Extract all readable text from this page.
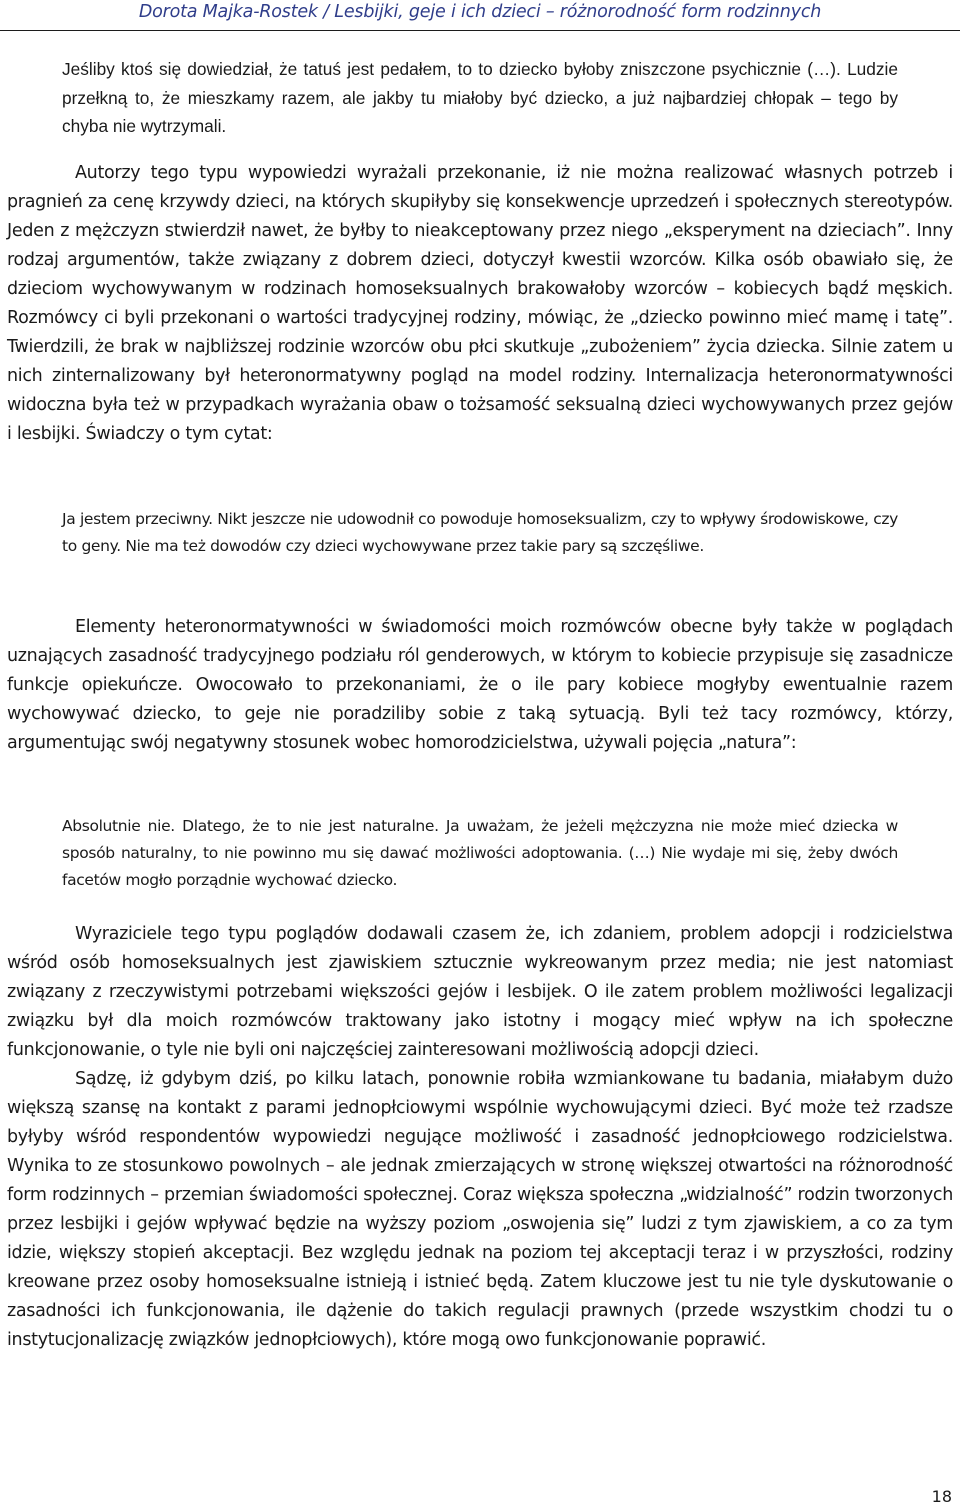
Dorota Majka-Rostek / Lesbijki, geje i ich dzieci – różnorodność form rodzinnych

Jeśliby ktoś się dowiedział, że tatuś jest pedałem, to to dziecko byłoby zniszczone psychicznie (…). Ludzie przełkną to, że mieszkamy razem, ale jakby tu miałoby być dziecko, a już najbardziej chłopak – tego by chyba nie wytrzymali.

Autorzy tego typu wypowiedzi wyrażali przekonanie, iż nie można realizować własnych potrzeb i pragnień za cenę krzywdy dzieci, na których skupiłyby się konsekwencje uprzedzeń i społecznych stereotypów. Jeden z mężczyzn stwierdził nawet, że byłby to nieakceptowany przez niego „eksperyment na dzieciach”. Inny rodzaj argumentów, także związany z dobrem dzieci, dotyczył kwestii wzorców. Kilka osób obawiało się, że dzieciom wychowywanym w rodzinach homoseksualnych brakowałoby wzorców – kobiecych bądź męskich. Rozmówcy ci byli przekonani o wartości tradycyjnej rodziny, mówiąc, że „dziecko powinno mieć mamę i tatę”. Twierdzili, że brak w najbliższej rodzinie wzorców obu płci skutkuje „zubożeniem” życia dziecka. Silnie zatem u nich zinternalizowany był heteronormatywny pogląd na model rodziny. Internalizacja heteronormatywności widoczna była też w przypadkach wyrażania obaw o tożsamość seksualną dzieci wychowywanych przez gejów i lesbijki. Świadczy o tym cytat:

Ja jestem przeciwny. Nikt jeszcze nie udowodnił co powoduje homoseksualizm, czy to wpływy środowiskowe, czy to geny. Nie ma też dowodów czy dzieci wychowywane przez takie pary są szczęśliwe.

Elementy heteronormatywności w świadomości moich rozmówców obecne były także w poglądach uznających zasadność tradycyjnego podziału ról genderowych, w którym to kobiecie przypisuje się zasadnicze funkcje opiekuńcze. Owocowało to przekonaniami, że o ile pary kobiece mogłyby ewentualnie razem wychowywać dziecko, to geje nie poradziliby sobie z taką sytuacją. Byli też tacy rozmówcy, którzy, argumentując swój negatywny stosunek wobec homorodzicielstwa, używali pojęcia „natura”:

Absolutnie nie. Dlatego, że to nie jest naturalne. Ja uważam, że jeżeli mężczyzna nie może mieć dziecka w sposób naturalny, to nie powinno mu się dawać możliwości adoptowania. (…) Nie wydaje mi się, żeby dwóch facetów mogło porządnie wychować dziecko.

Wyraziciele tego typu poglądów dodawali czasem że, ich zdaniem, problem adopcji i rodzicielstwa wśród osób homoseksualnych jest zjawiskiem sztucznie wykreowanym przez media; nie jest natomiast związany z rzeczywistymi potrzebami większości gejów i lesbijek. O ile zatem problem możliwości legalizacji związku był dla moich rozmówców traktowany jako istotny i mogący mieć wpływ na ich społeczne funkcjonowanie, o tyle nie byli oni najczęściej zainteresowani możliwością adopcji dzieci.

Sądzę, iż gdybym dziś, po kilku latach, ponownie robiła wzmiankowane tu badania, miałabym dużo większą szansę na kontakt z parami jednopłciowymi wspólnie wychowującymi dzieci. Być może też rzadsze byłyby wśród respondentów wypowiedzi negujące możliwość i zasadność jednopłciowego rodzicielstwa. Wynika to ze stosunkowo powolnych – ale jednak zmierzających w stronę większej otwartości na różnorodność form rodzinnych – przemian świadomości społecznej. Coraz większa społeczna „widzialność” rodzin tworzonych przez lesbijki i gejów wpływać będzie na wyższy poziom „oswojenia się” ludzi z tym zjawiskiem, a co za tym idzie, większy stopień akceptacji. Bez względu jednak na poziom tej akceptacji teraz i w przyszłości, rodziny kreowane przez osoby homoseksualne istnieją i istnieć będą. Zatem kluczowe jest tu nie tyle dyskutowanie o zasadności ich funkcjonowania, ile dążenie do takich regulacji prawnych (przede wszystkim chodzi tu o instytucjonalizację związków jednopłciowych), które mogą owo funkcjonowanie poprawić.

18
